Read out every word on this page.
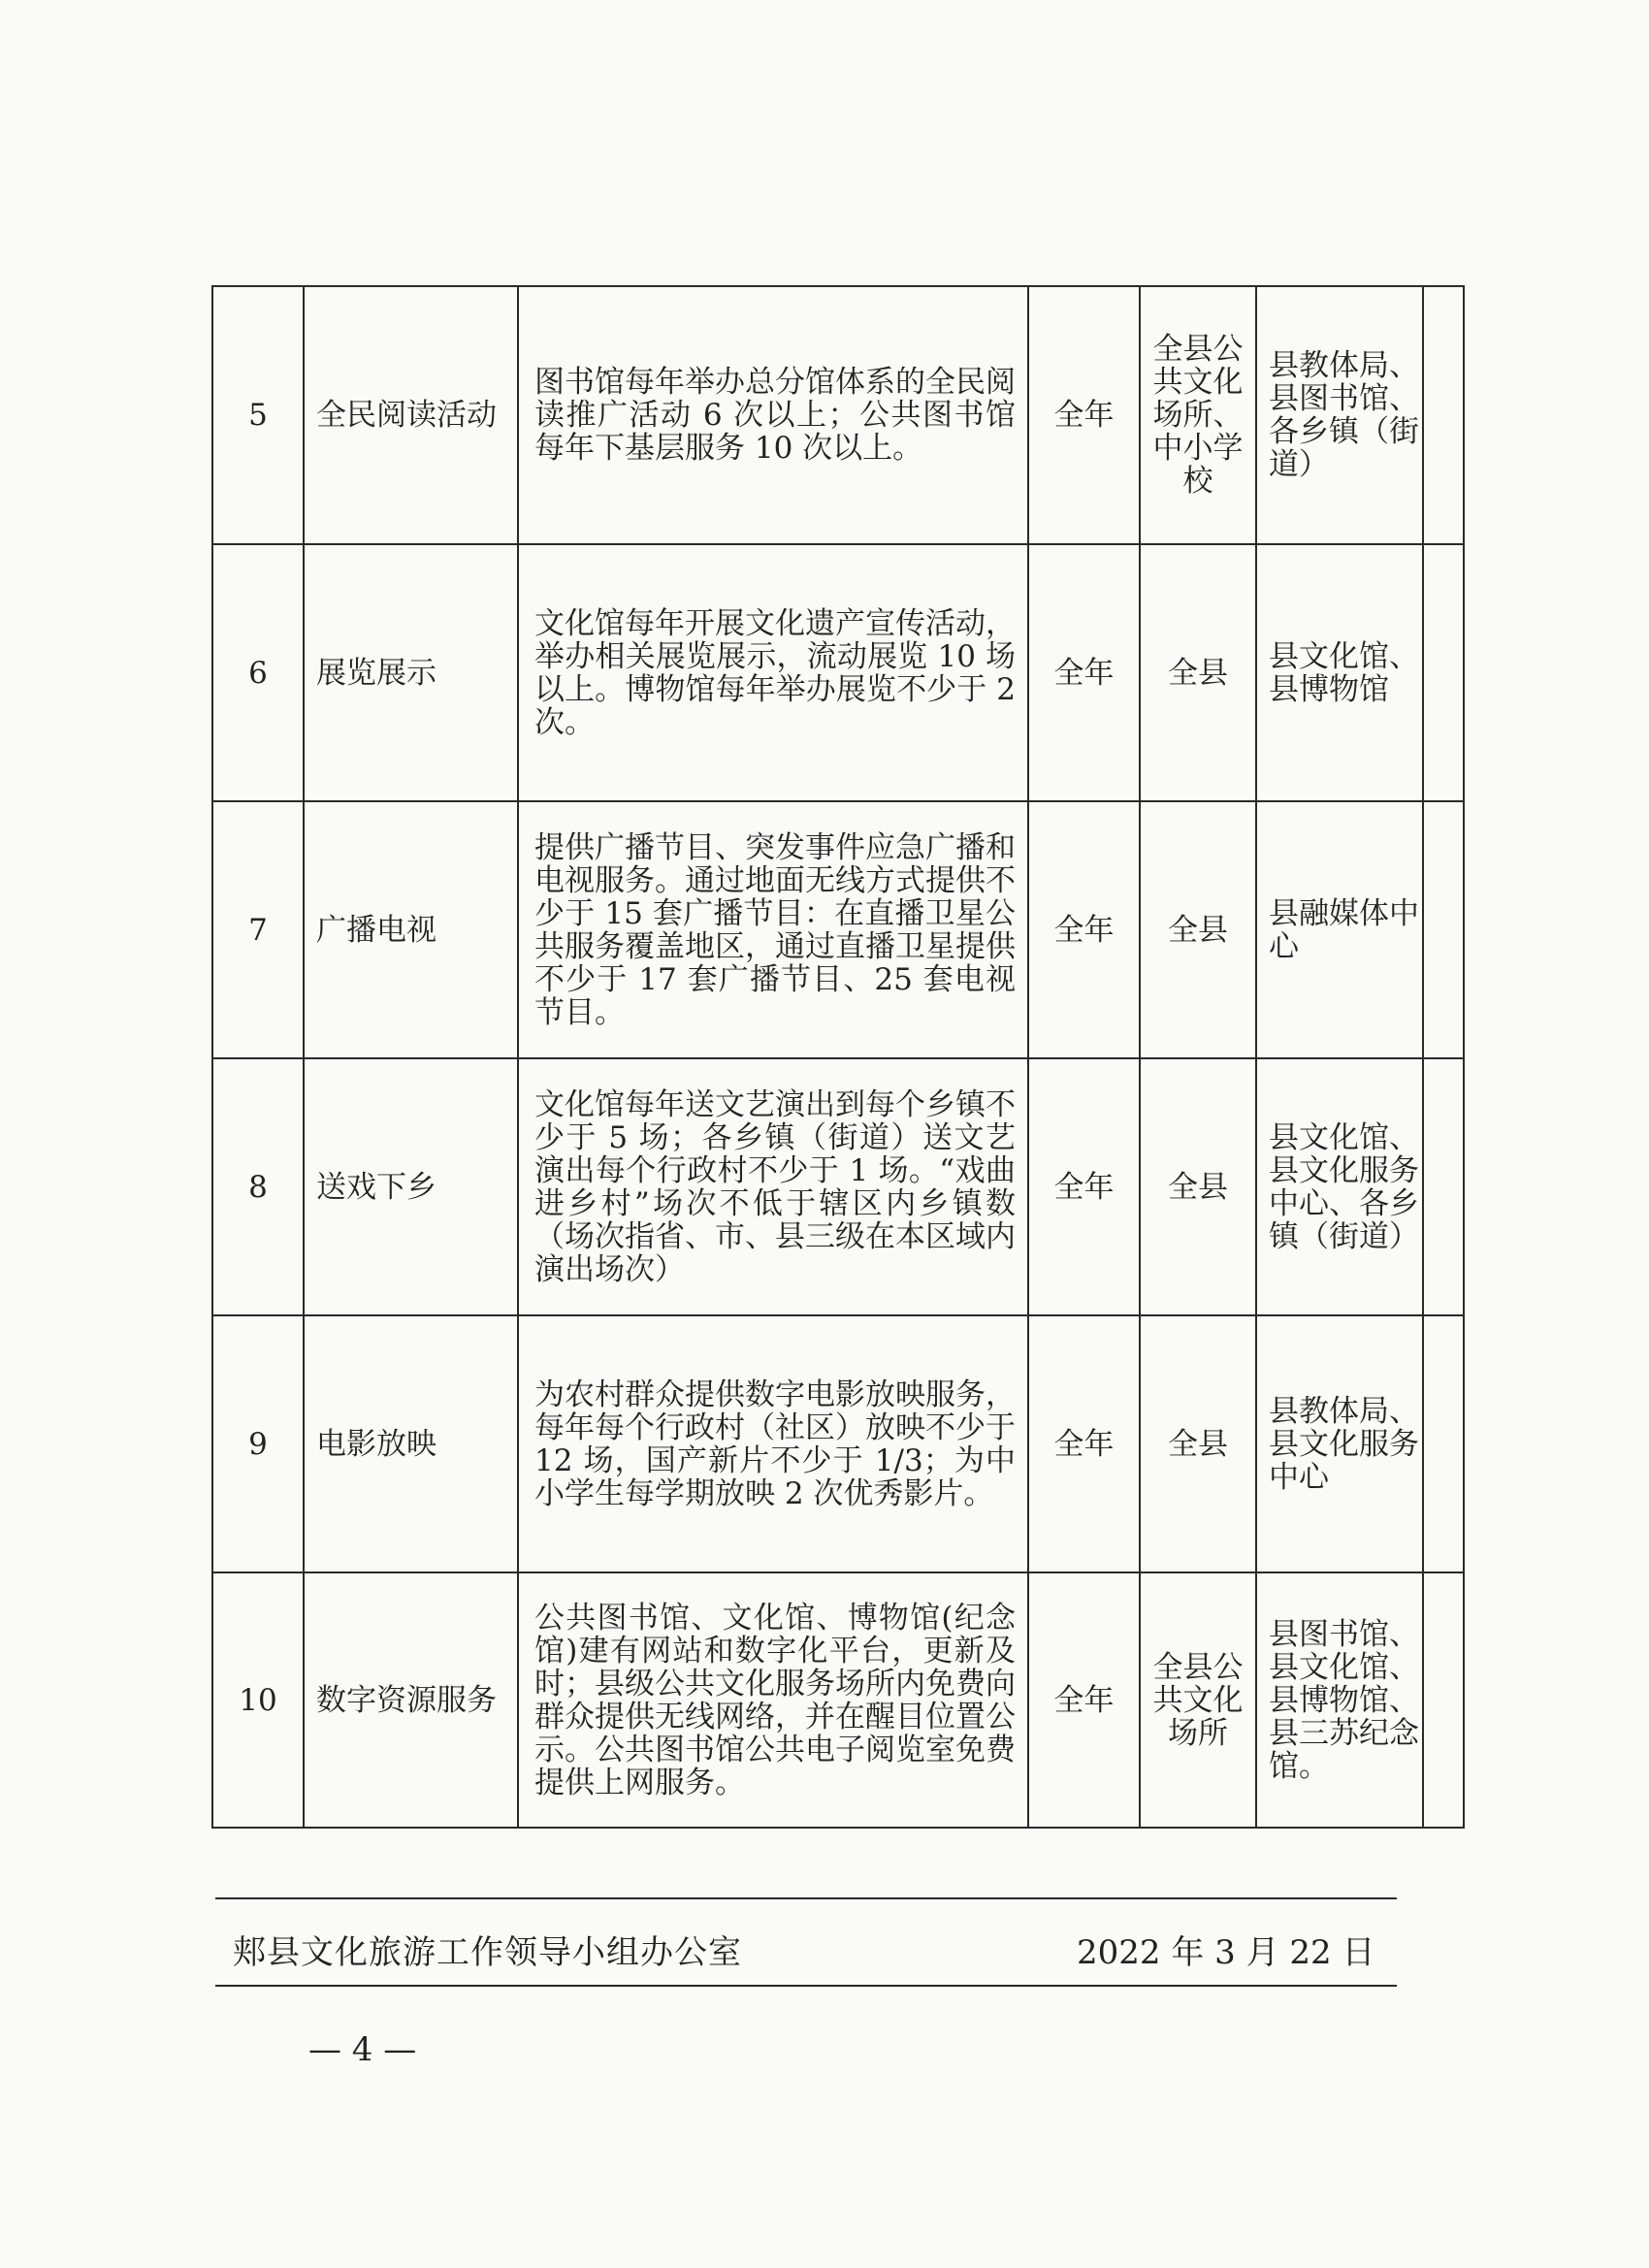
5	全民阅读活动	图书馆每年举办总分馆体系的全民阅读推广活动 6 次以上；公共图书馆每年下基层服务 10 次以上。	全年	全县公共文化场所、中小学校	县教体局、县图书馆、各乡镇（街道）	
6	展览展示	文化馆每年开展文化遗产宣传活动，举办相关展览展示，流动展览 10 场以上。博物馆每年举办展览不少于 2 次。	全年	全县	县文化馆、县博物馆	
7	广播电视	提供广播节目、突发事件应急广播和电视服务。通过地面无线方式提供不少于 15 套广播节目：在直播卫星公共服务覆盖地区，通过直播卫星提供不少于 17 套广播节目、25 套电视节目。	全年	全县	县融媒体中心	
8	送戏下乡	文化馆每年送文艺演出到每个乡镇不少于 5 场；各乡镇（街道）送文艺演出每个行政村不少于 1 场。“戏曲进乡村”场次不低于辖区内乡镇数（场次指省、市、县三级在本区域内演出场次）	全年	全县	县文化馆、县文化服务中心、各乡镇（街道）	
9	电影放映	为农村群众提供数字电影放映服务，每年每个行政村（社区）放映不少于 12 场，国产新片不少于 1/3；为中小学生每学期放映 2 次优秀影片。	全年	全县	县教体局、县文化服务中心	
10	数字资源服务	公共图书馆、文化馆、博物馆(纪念馆)建有网站和数字化平台，更新及时；县级公共文化服务场所内免费向群众提供无线网络，并在醒目位置公示。公共图书馆公共电子阅览室免费提供上网服务。	全年	全县公共文化场所	县图书馆、县文化馆、县博物馆、县三苏纪念馆。	
郏县文化旅游工作领导小组办公室	2022 年 3 月 22 日
— 4 —
